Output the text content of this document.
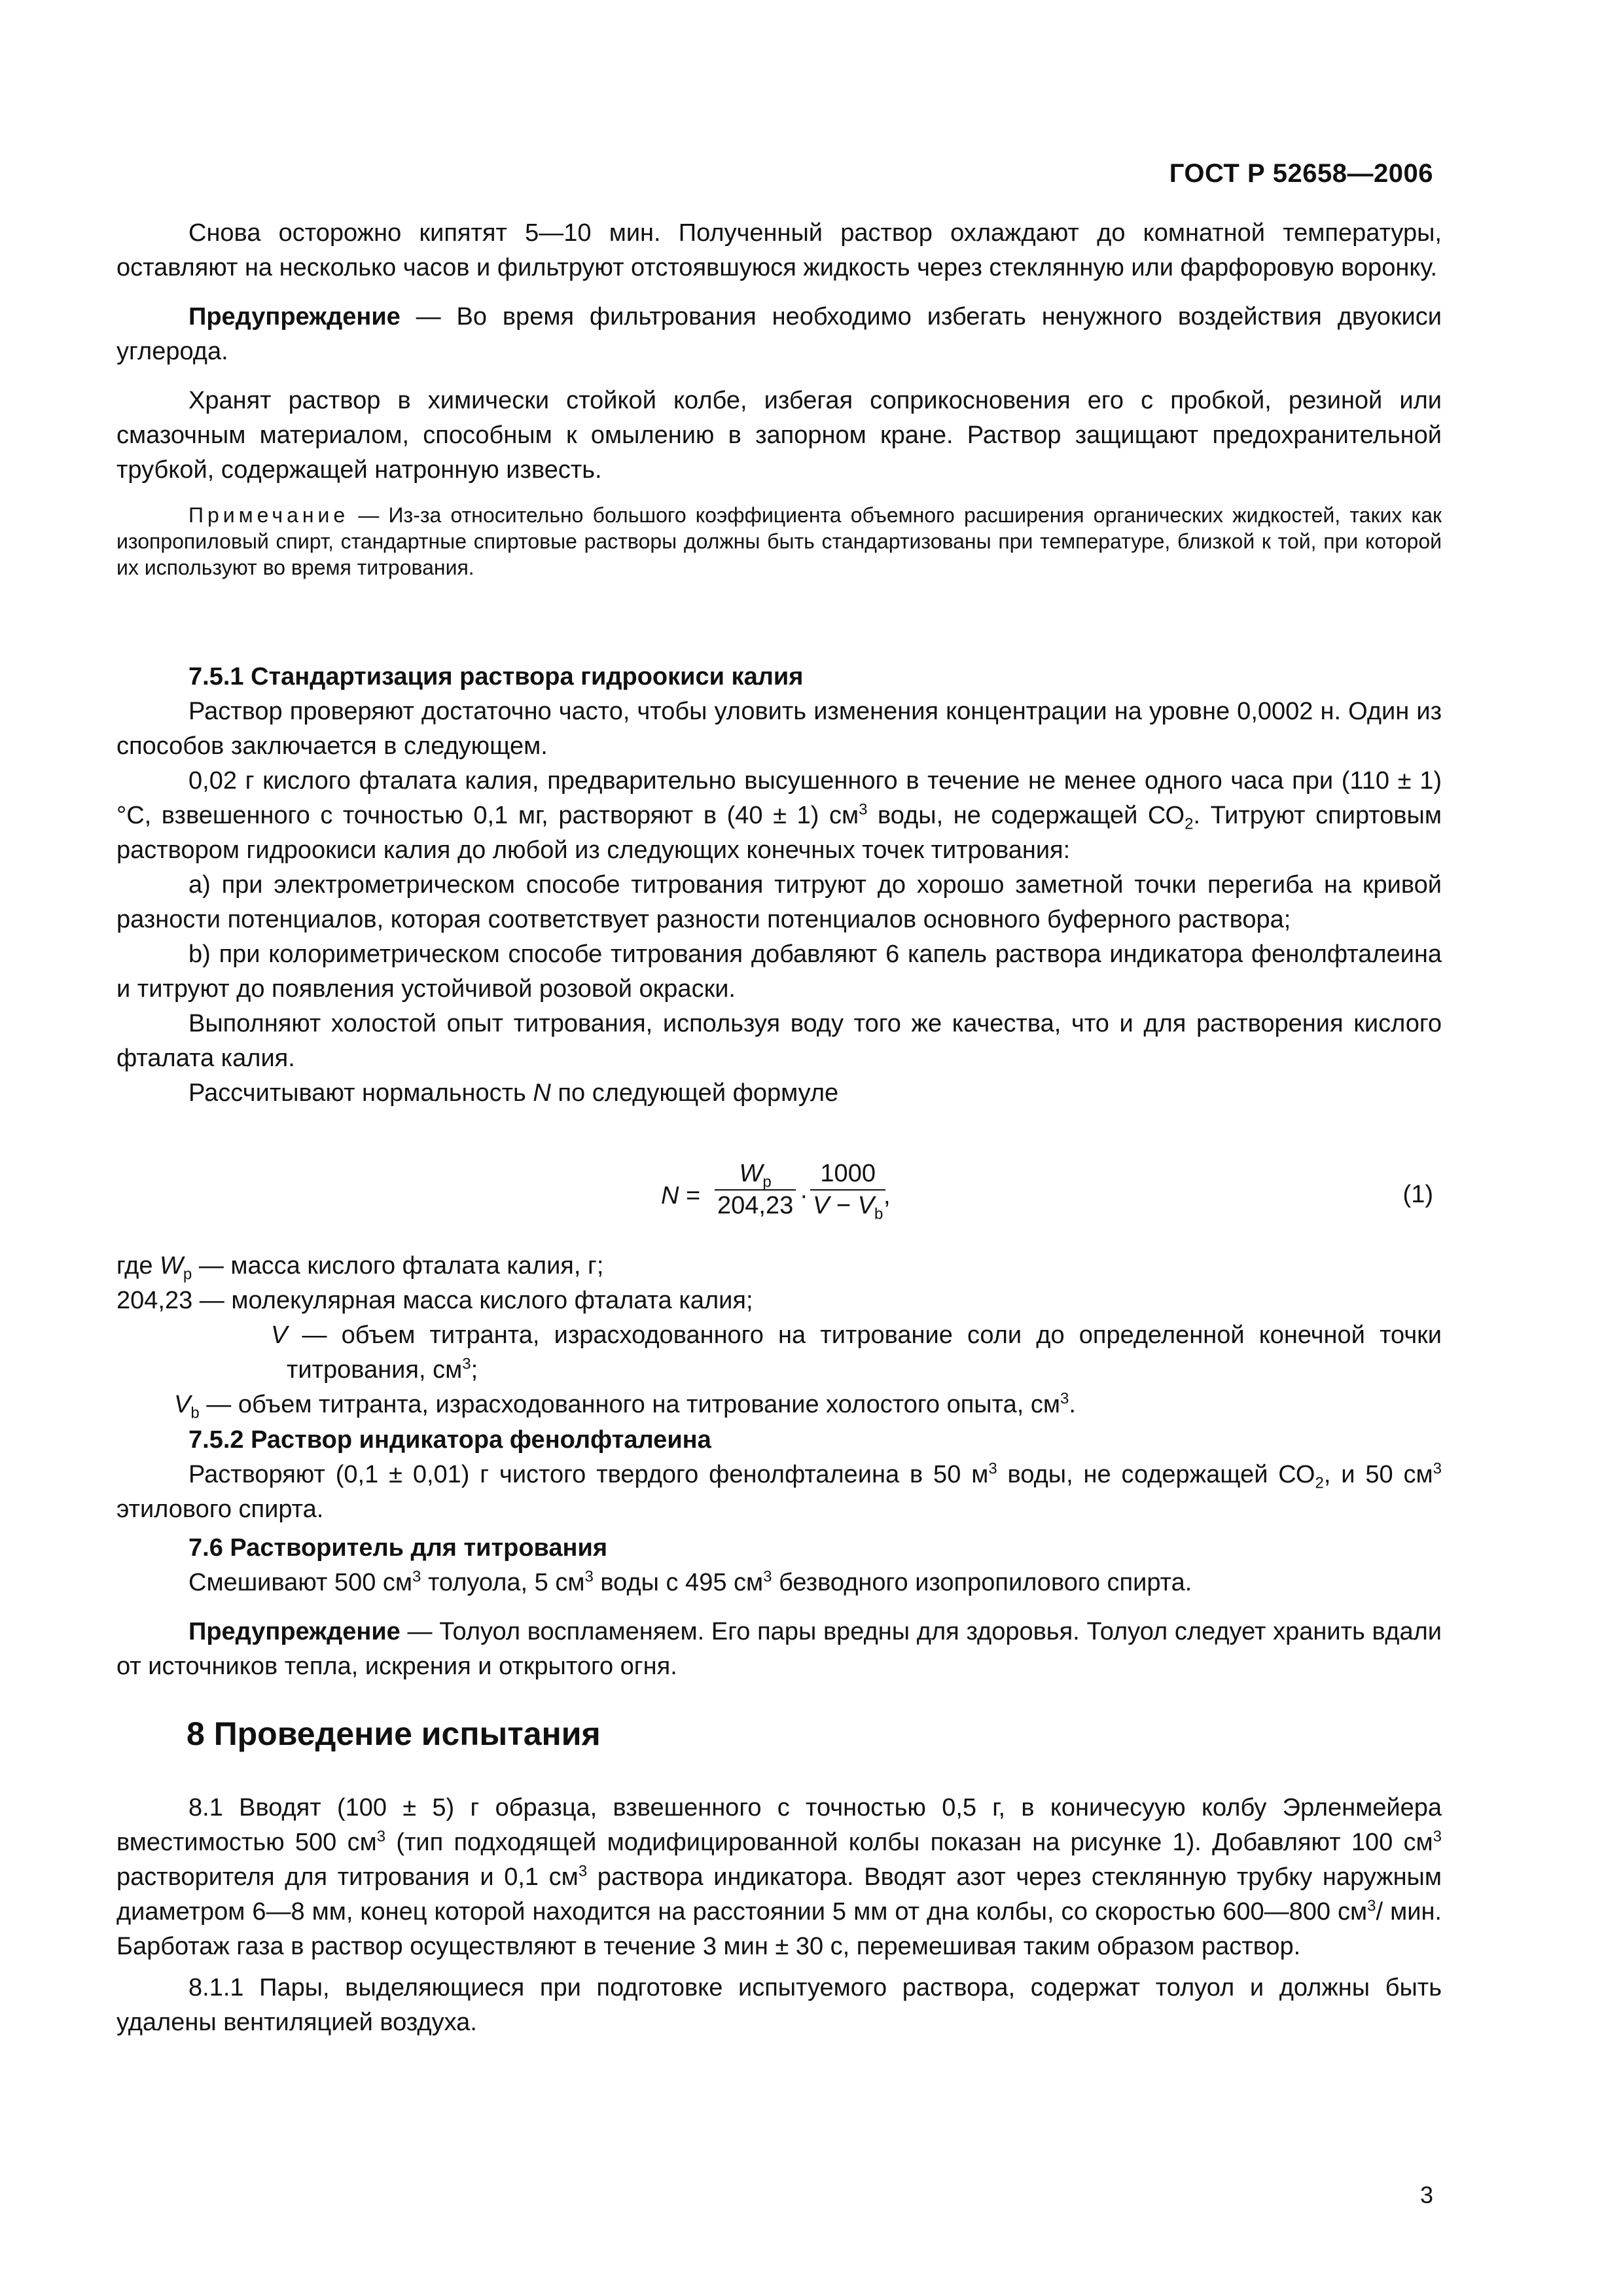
ГОСТ Р 52658—2006

Снова осторожно кипятят 5—10 мин. Полученный раствор охлаждают до комнатной температуры, оставляют на несколько часов и фильтруют отстоявшуюся жидкость через стеклянную или фарфоровую воронку.

Предупреждение — Во время фильтрования необходимо избегать ненужного воздействия двуокиси углерода.

Хранят раствор в химически стойкой колбе, избегая соприкосновения его с пробкой, резиной или смазочным материалом, способным к омылению в запорном кране. Раствор защищают предохранительной трубкой, содержащей натронную известь.

Примечание — Из-за относительно большого коэффициента объемного расширения органических жидкостей, таких как изопропиловый спирт, стандартные спиртовые растворы должны быть стандартизованы при температуре, близкой к той, при которой их используют во время титрования.

7.5.1 Стандартизация раствора гидроокиси калия

Раствор проверяют достаточно часто, чтобы уловить изменения концентрации на уровне 0,0002 н. Один из способов заключается в следующем.

0,02 г кислого фталата калия, предварительно высушенного в течение не менее одного часа при (110 ± 1) °С, взвешенного с точностью 0,1 мг, растворяют в (40 ± 1) $см^3$ воды, не содержащей $СО_2$. Титруют спиртовым раствором гидроокиси калия до любой из следующих конечных точек титрования:

а) при электрометрическом способе титрования титруют до хорошо заметной точки перегиба на кривой разности потенциалов, которая соответствует разности потенциалов основного буферного раствора;

b) при колориметрическом способе титрования добавляют 6 капель раствора индикатора фенолфталеина и титруют до появления устойчивой розовой окраски.

Выполняют холостой опыт титрования, используя воду того же качества, что и для растворения кислого фталата калия.

Рассчитывают нормальность N по следующей формуле

N =
$W_p$
204,23 ·
1000
$V - V_b$
,	(1)

где $W_p$ — масса кислого фталата калия, г;

204,23 — молекулярная масса кислого фталата калия;

V — объем титранта, израсходованного на титрование соли до определенной конечной точки титрования, $см^3$;

$V_b$ — объем титранта, израсходованного на титрование холостого опыта, $см^3$.

7.5.2 Раствор индикатора фенолфталеина

Растворяют (0,1 ± 0,01) г чистого твердого фенолфталеина в 50 $м^3$ воды, не содержащей $СО_2$, и 50 $см^3$ этилового спирта.

7.6 Растворитель для титрования

Смешивают 500 $см^3$ толуола, 5 $см^3$ воды с 495 $см^3$ безводного изопропилового спирта.

Предупреждение — Толуол воспламеняем. Его пары вредны для здоровья. Толуол следует хранить вдали от источников тепла, искрения и открытого огня.

8 Проведение испытания

8.1 Вводят (100 ± 5) г образца, взвешенного с точностью 0,5 г, в коничесуую колбу Эрленмейера вместимостью 500 $см^3$ (тип подходящей модифицированной колбы показан на рисунке 1). Добавляют 100 $см^3$ растворителя для титрования и 0,1 $см^3$ раствора индикатора. Вводят азот через стеклянную трубку наружным диаметром 6—8 мм, конец которой находится на расстоянии 5 мм от дна колбы, со скоростью 600—800 $см^3/$ мин. Барботаж газа в раствор осуществляют в течение 3 мин ± 30 с, перемешивая таким образом раствор.

8.1.1 Пары, выделяющиеся при подготовке испытуемого раствора, содержат толуол и должны быть удалены вентиляцией воздуха.

3
